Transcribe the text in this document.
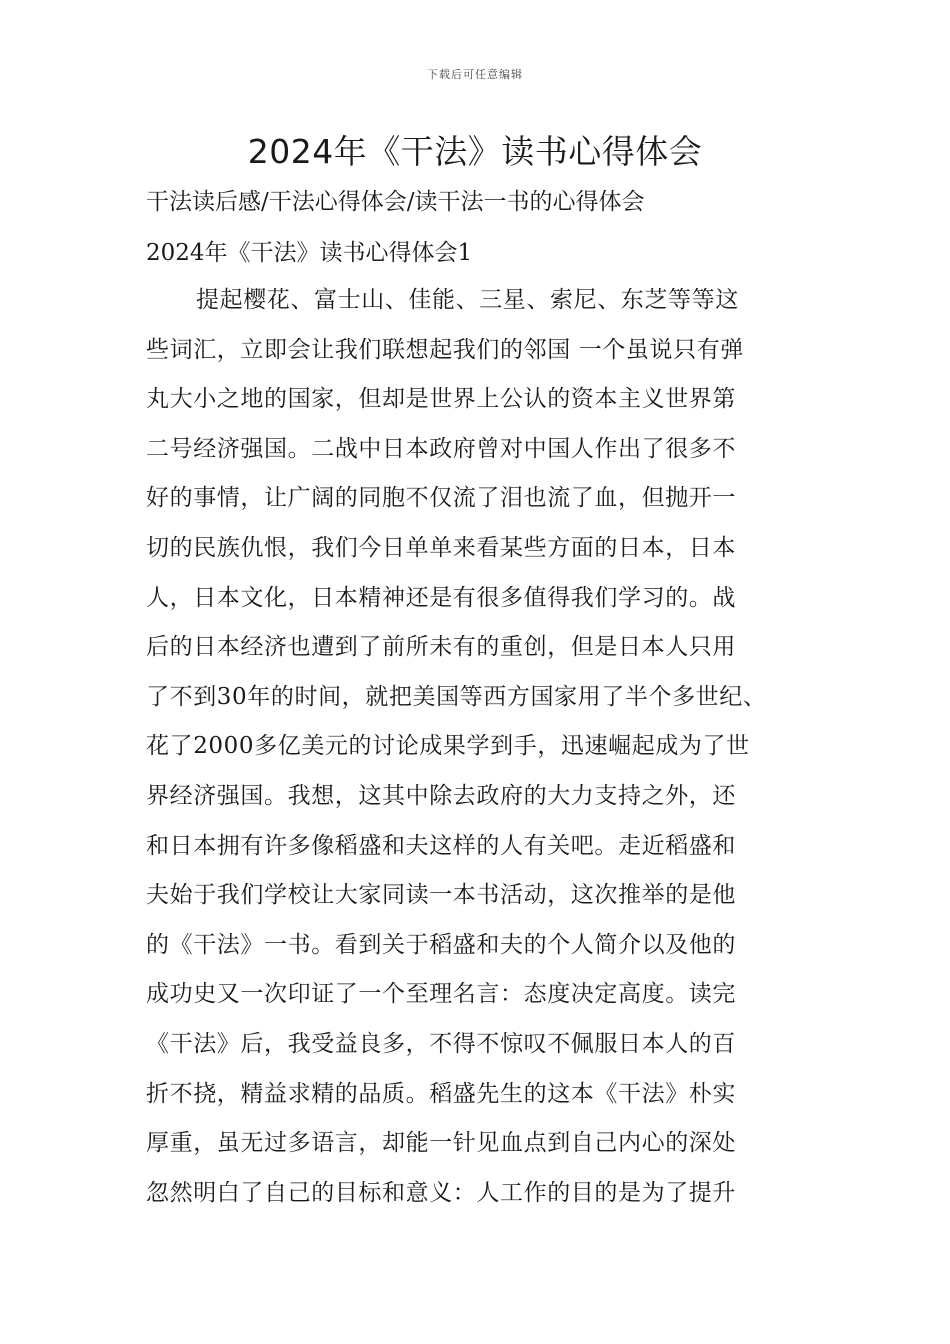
下载后可任意编辑
2024年《干法》读书心得体会

干法读后感/干法心得体会/读干法一书的心得体会

2024年《干法》读书心得体会1

提起樱花、富士山、佳能、三星、索尼、东芝等等这
些词汇，立即会让我们联想起我们的邻国 一个虽说只有弹
丸大小之地的国家，但却是世界上公认的资本主义世界第
二号经济强国。二战中日本政府曾对中国人作出了很多不
好的事情，让广阔的同胞不仅流了泪也流了血，但抛开一
切的民族仇恨，我们今日单单来看某些方面的日本，日本
人，日本文化，日本精神还是有很多值得我们学习的。战
后的日本经济也遭到了前所未有的重创，但是日本人只用
了不到30年的时间，就把美国等西方国家用了半个多世纪、
花了2000多亿美元的讨论成果学到手，迅速崛起成为了世
界经济强国。我想，这其中除去政府的大力支持之外，还
和日本拥有许多像稻盛和夫这样的人有关吧。走近稻盛和
夫始于我们学校让大家同读一本书活动，这次推举的是他
的《干法》一书。看到关于稻盛和夫的个人简介以及他的
成功史又一次印证了一个至理名言：态度决定高度。读完
《干法》后，我受益良多，不得不惊叹不佩服日本人的百
折不挠，精益求精的品质。稻盛先生的这本《干法》朴实
厚重，虽无过多语言，却能一针见血点到自己内心的深处
忽然明白了自己的目标和意义：人工作的目的是为了提升
